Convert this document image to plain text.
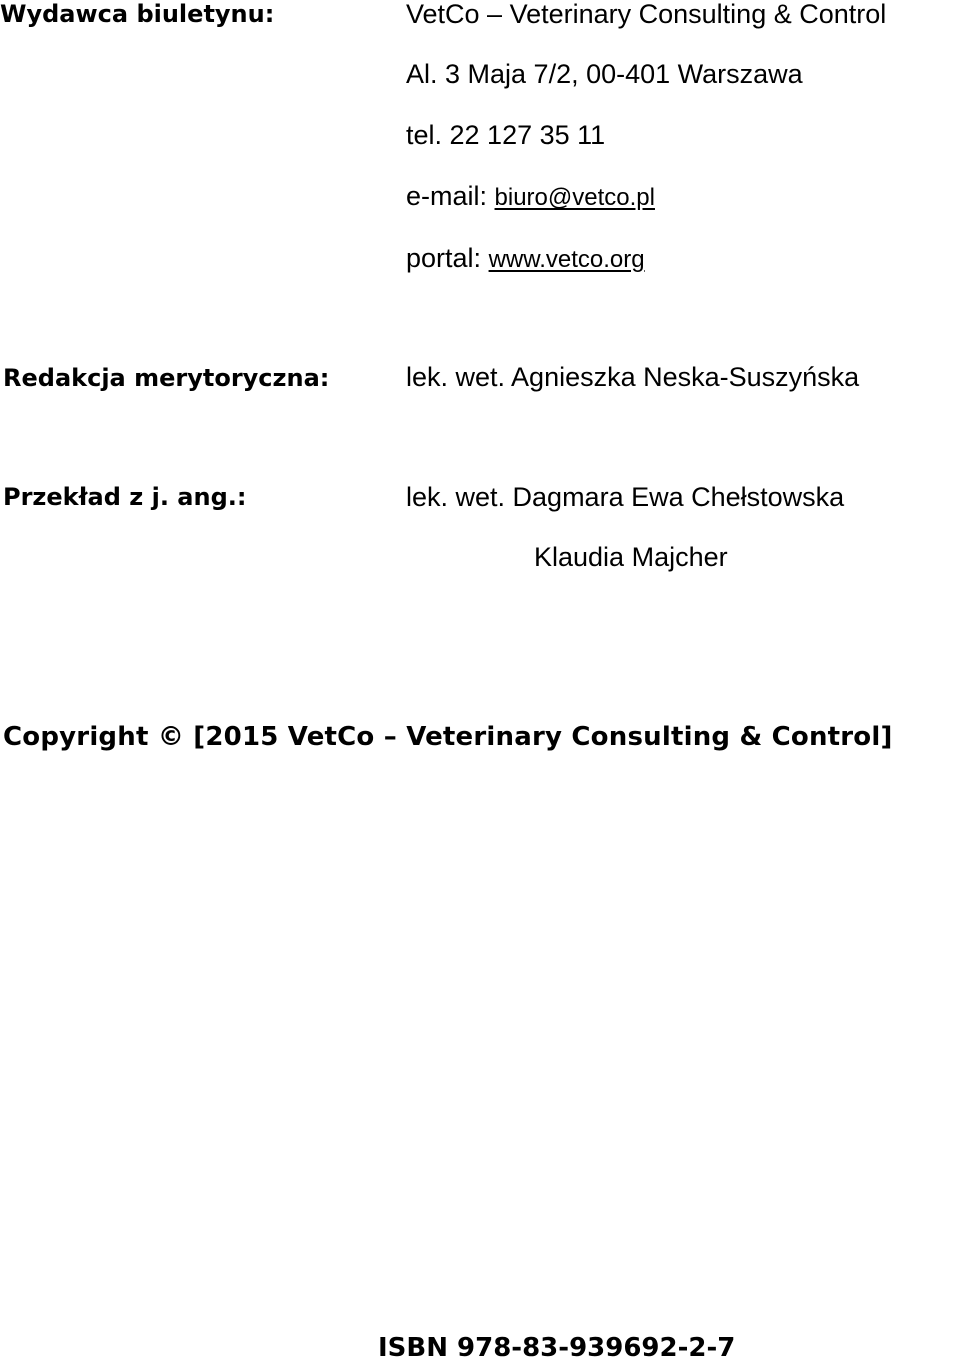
Wydawca biuletynu:	VetCo – Veterinary Consulting & Control
Al. 3 Maja 7/2, 00-401 Warszawa
tel. 22 127 35 11
e-mail: biuro@vetco.pl
portal: www.vetco.org
Redakcja merytoryczna:	lek. wet. Agnieszka Neska-Suszyńska
Przekład z j. ang.:	lek. wet. Dagmara Ewa Chełstowska
Klaudia Majcher
Copyright © [2015 VetCo – Veterinary Consulting & Control]
ISBN 978-83-939692-2-7
